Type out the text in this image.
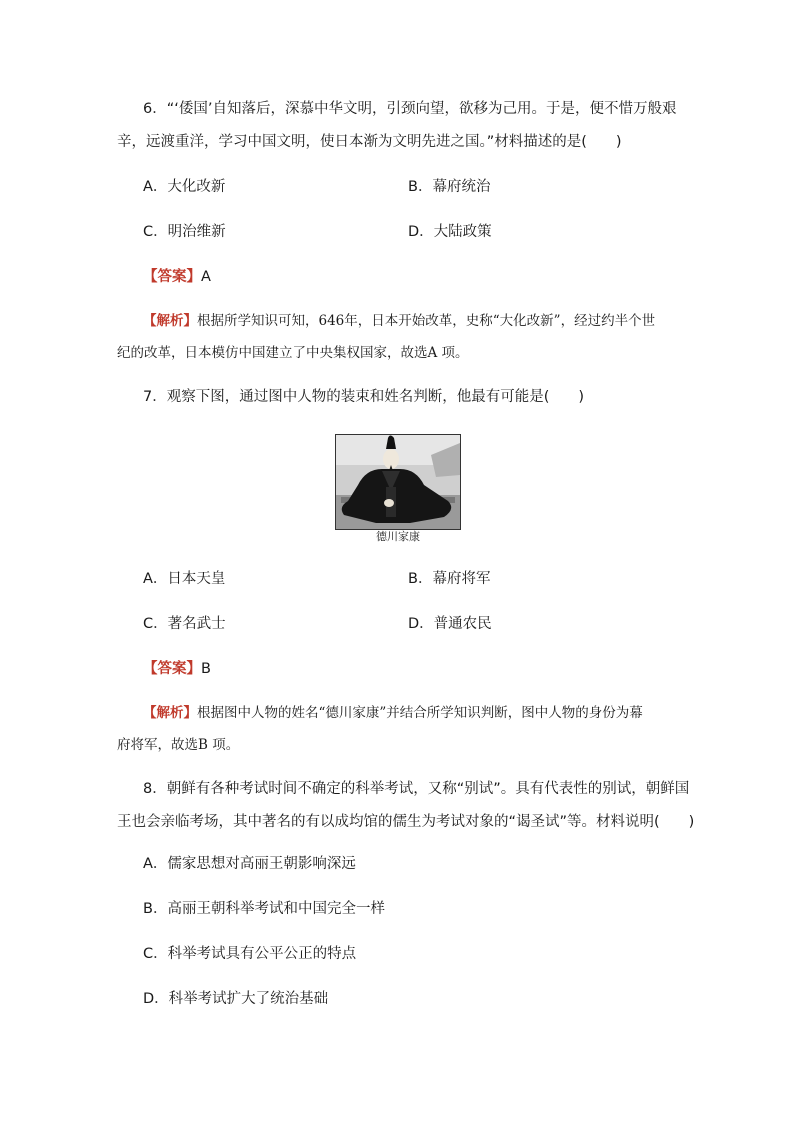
6．“‘倭国’自知落后，深慕中华文明，引颈向望，欲移为己用。于是，便不惜万般艰
辛，远渡重洋，学习中国文明，使日本渐为文明先进之国。”材料描述的是(　　)
A．大化改新	B．幕府统治
C．明治维新	D．大陆政策
【答案】A
【解析】根据所学知识可知，646年，日本开始改革，史称“大化改新”，经过约半个世
纪的改革，日本模仿中国建立了中央集权国家，故选A 项。
7．观察下图，通过图中人物的装束和姓名判断，他最有可能是(　　)
德川家康
A．日本天皇	B．幕府将军
C．著名武士	D．普通农民
【答案】B
【解析】根据图中人物的姓名“德川家康”并结合所学知识判断，图中人物的身份为幕
府将军，故选B 项。
8．朝鲜有各种考试时间不确定的科举考试，又称“别试”。具有代表性的别试，朝鲜国
王也会亲临考场，其中著名的有以成均馆的儒生为考试对象的“谒圣试”等。材料说明(　　)
A．儒家思想对高丽王朝影响深远
B．高丽王朝科举考试和中国完全一样
C．科举考试具有公平公正的特点
D．科举考试扩大了统治基础
